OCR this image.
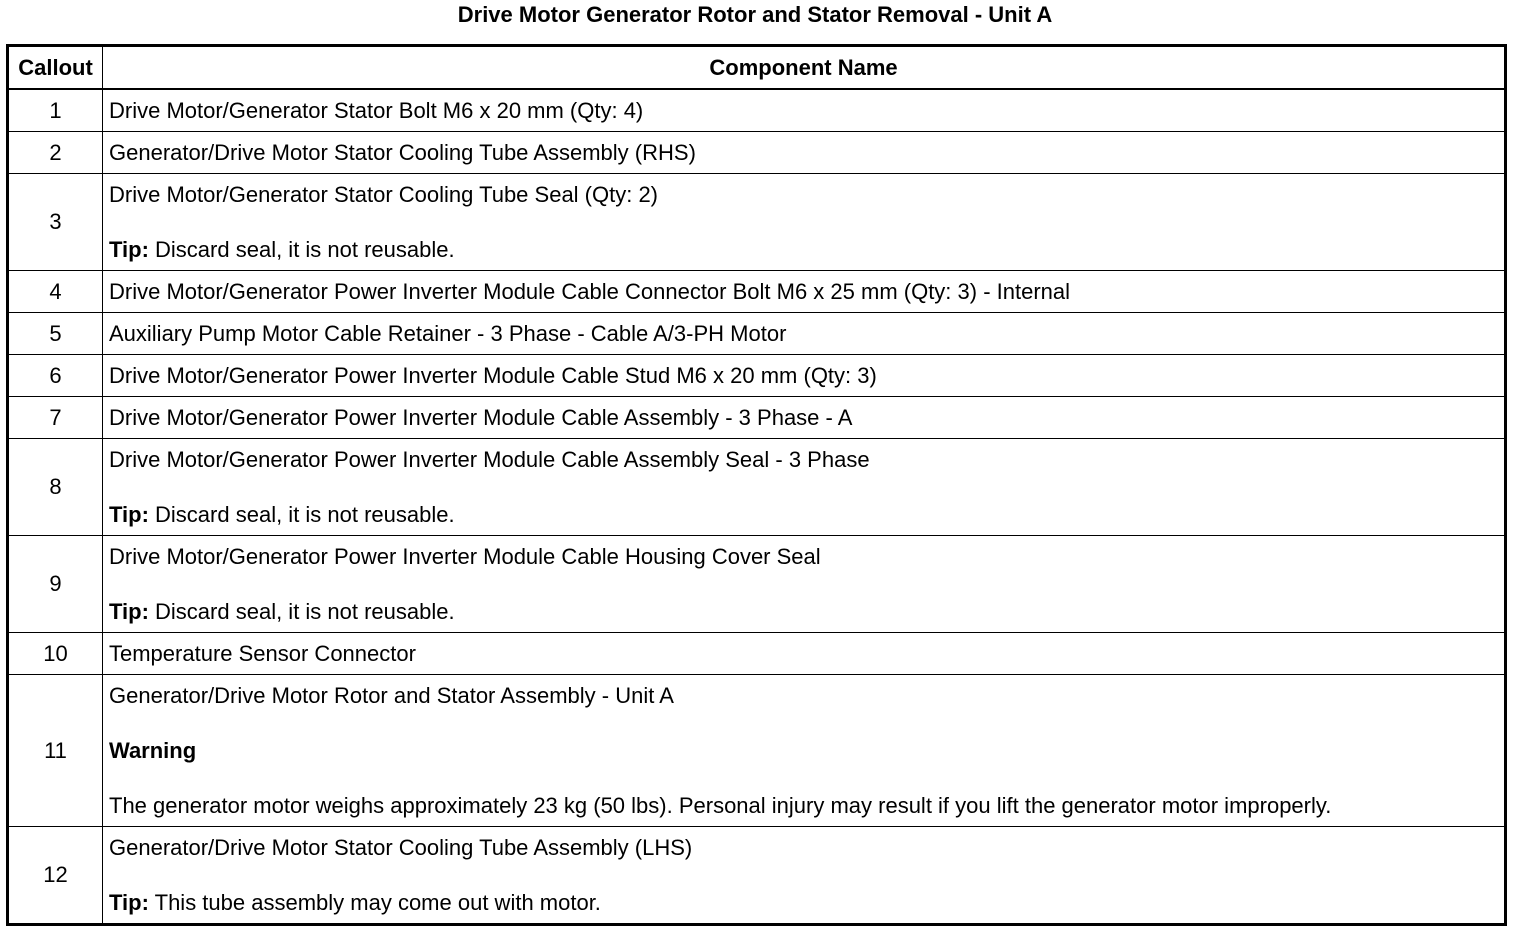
Drive Motor Generator Rotor and Stator Removal - Unit A
Callout	Component Name
1	Drive Motor/Generator Stator Bolt M6 x 20 mm (Qty: 4)

2	Generator/Drive Motor Stator Cooling Tube Assembly (RHS)

3	Drive Motor/Generator Stator Cooling Tube Seal (Qty: 2)
Tip: Discard seal, it is not reusable.

4	Drive Motor/Generator Power Inverter Module Cable Connector Bolt M6 x 25 mm (Qty: 3) - Internal

5	Auxiliary Pump Motor Cable Retainer - 3 Phase - Cable A/3-PH Motor

6	Drive Motor/Generator Power Inverter Module Cable Stud M6 x 20 mm (Qty: 3)

7	Drive Motor/Generator Power Inverter Module Cable Assembly - 3 Phase - A

8	Drive Motor/Generator Power Inverter Module Cable Assembly Seal - 3 Phase
Tip: Discard seal, it is not reusable.

9	Drive Motor/Generator Power Inverter Module Cable Housing Cover Seal
Tip: Discard seal, it is not reusable.

10	Temperature Sensor Connector

11	Generator/Drive Motor Rotor and Stator Assembly - Unit A
Warning
The generator motor weighs approximately 23 kg (50 lbs). Personal injury may result if you lift the generator motor improperly.

12	Generator/Drive Motor Stator Cooling Tube Assembly (LHS)
Tip: This tube assembly may come out with motor.
